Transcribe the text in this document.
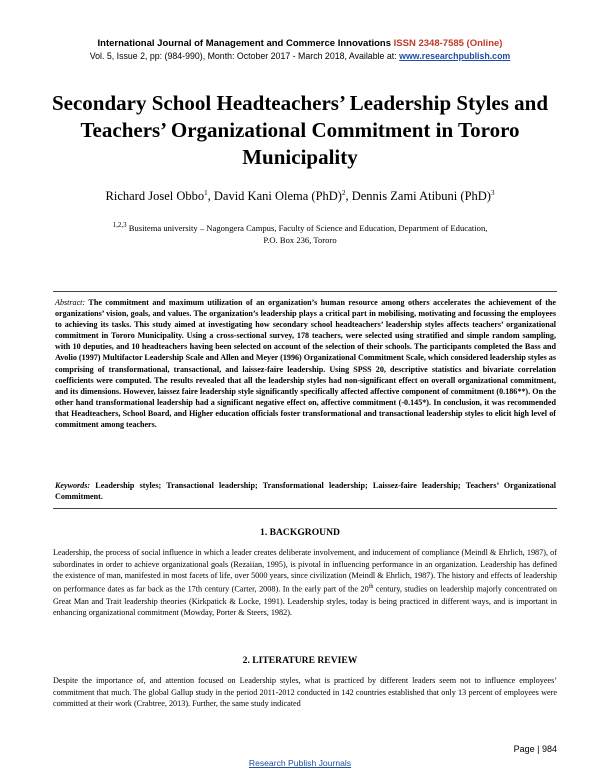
International Journal of Management and Commerce Innovations ISSN 2348-7585 (Online)
Vol. 5, Issue 2, pp: (984-990), Month: October 2017 - March 2018, Available at: www.researchpublish.com
Secondary School Headteachers’ Leadership Styles and Teachers’ Organizational Commitment in Tororo Municipality
Richard Josel Obbo$^1$, David Kani Olema (PhD)$^2$, Dennis Zami Atibuni (PhD)$^3$
$^{1,2,3}$ Busitema university – Nagongera Campus, Faculty of Science and Education, Department of Education, P.O. Box 236, Tororo
Abstract: The commitment and maximum utilization of an organization’s human resource among others accelerates the achievement of the organizations’ vision, goals, and values. The organization’s leadership plays a critical part in mobilising, motivating and focussing the employees to achieving its tasks. This study aimed at investigating how secondary school headteachers’ leadership styles affects teachers’ organizational commitment in Tororo Municipality. Using a cross-sectional survey, 178 teachers, were selected using stratified and simple random sampling, with 10 deputies, and 10 headteachers having been selected on account of the selection of their schools. The participants completed the Bass and Avolio (1997) Multifactor Leadership Scale and Allen and Meyer (1996) Organizational Commitment Scale, which considered leadership styles as comprising of transformational, transactional, and laissez-faire leadership. Using SPSS 20, descriptive statistics and bivariate correlation coefficients were computed. The results revealed that all the leadership styles had non-significant effect on overall organizational commitment, and its dimensions. However, laissez faire leadership style significantly specifically affected affective component of commitment (0.186**). On the other hand transformational leadership had a significant negative effect on, affective commitment (-0.145*). In conclusion, it was recommended that Headteachers, School Board, and Higher education officials foster transformational and transactional leadership styles to elicit high level of commitment among teachers.
Keywords: Leadership styles; Transactional leadership; Transformational leadership; Laissez-faire leadership; Teachers’ Organizational Commitment.
1. BACKGROUND
Leadership, the process of social influence in which a leader creates deliberate involvement, and inducement of compliance (Meindl & Ehrlich, 1987), of subordinates in order to achieve organizational goals (Rezaiian, 1995), is pivotal in influencing performance in an organization. Leadership has defined the existence of man, manifested in most facets of life, over 5000 years, since civilization (Meindl & Ehrlich, 1987). The history and effects of leadership on performance dates as far back as the 17th century (Carter, 2008). In the early part of the 20th century, studies on leadership majorly concentrated on Great Man and Trait leadership theories (Kirkpatick & Locke, 1991). Leadership styles, today is being practiced in different ways, and is important in enhancing organizational commitment (Mowday, Porter & Steers, 1982).
2. LITERATURE REVIEW
Despite the importance of, and attention focused on Leadership styles, what is practiced by different leaders seem not to influence employees’ commitment that much. The global Gallup study in the period 2011-2012 conducted in 142 countries established that only 13 percent of employees were committed at their work (Crabtree, 2013). Further, the same study indicated
Page | 984
Research Publish Journals
